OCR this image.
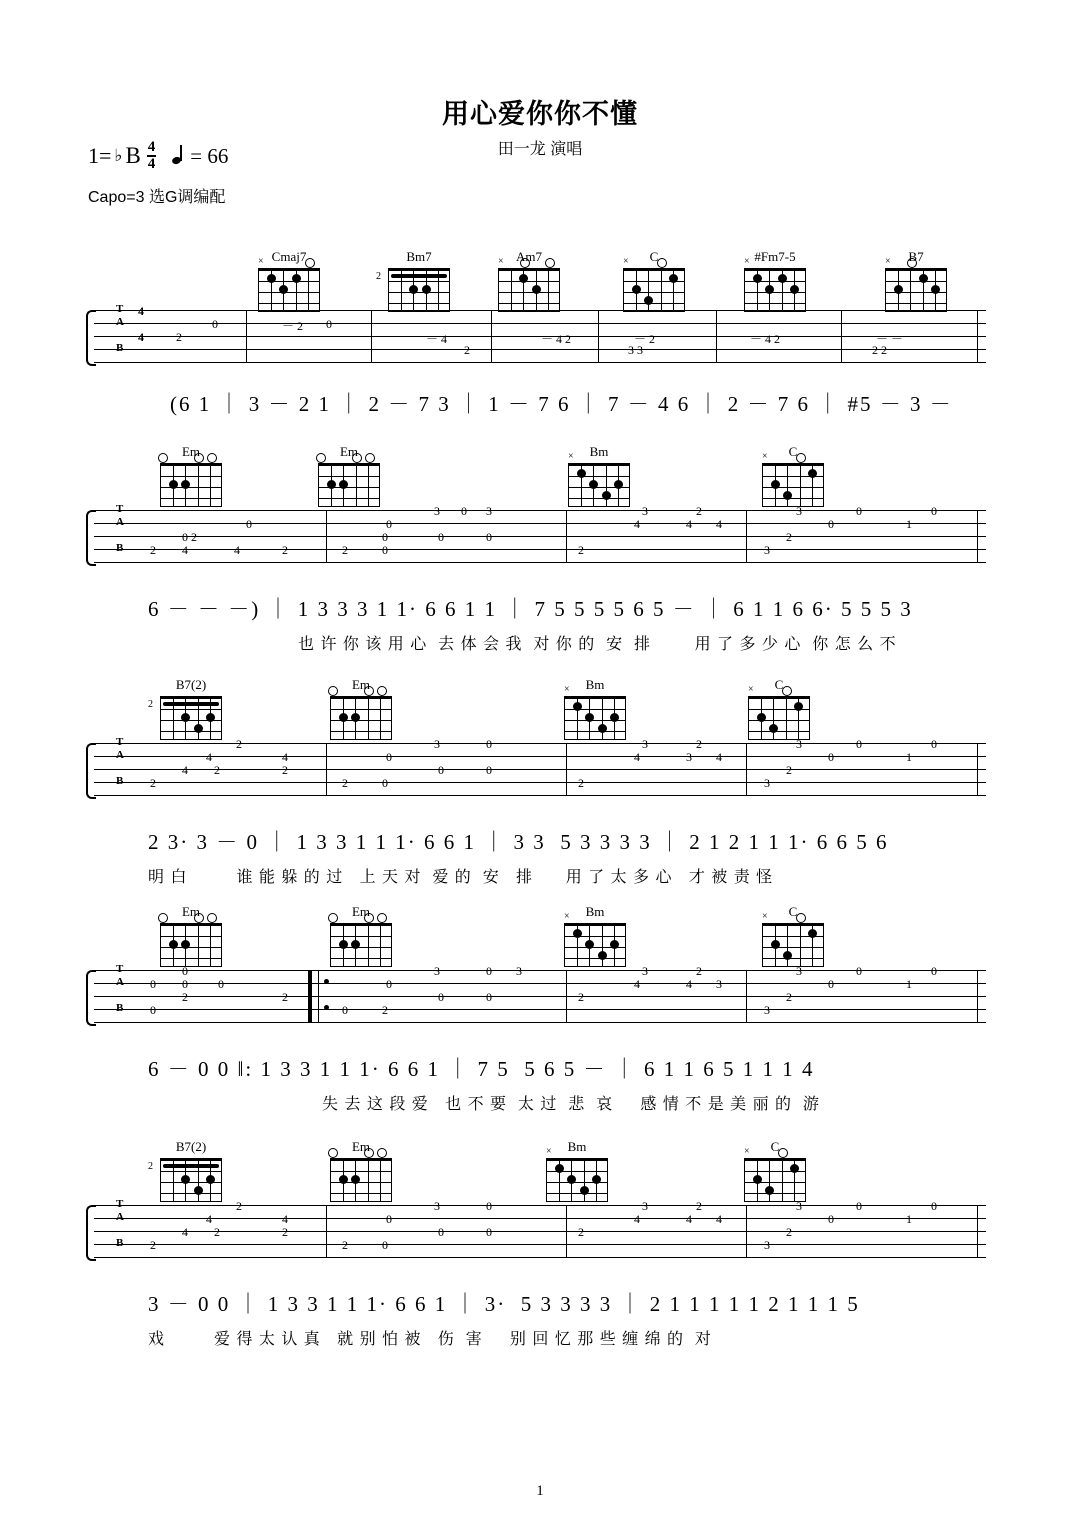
用心爱你你不懂
田一龙 演唱
1= ♭ B $\frac{4}{4} = 66$
Capo=3 选G调编配
Cmaj7
×	Bm7
2
Am7
×	C
×	#Fm7-5
×	B7
×
T
A
B
4
4	2
0	－ 2 0
－ 4
2
－ 4 2	－ 2
3 3
－ 4 2	－ －
2 2
(6 1 ｜ 3 － 2 1 ｜ 2 － 7 3 ｜ 1 － 7 6 ｜ 7 － 4 6 ｜ 2 － 7 6 ｜ #5 － 3 －
Em	Em	Bm
×	C
×
T
A
B 2
0 2
4
0
4	2	2
0
0
0
3 0 3
0	0
3	2
4	4 4
2
3	0	0
0	1
2
3
6 － － －) ｜ 1 3 3 3 1 1· 6 6 1 1 ｜ 7 5 5 5 5 6 5 － ｜ 6 1 1 6 6· 5 5 5 3
也 许 你 该 用 心  去 体 会 我  对 你 的  安  排        用 了 多 少 心  你 怎 么 不
B7(2)
2
Em	Bm
×	C
×
T
A
B
4
2
2	2
4
2
4
2	0
0
3	0
0	0
3	2
4	3 4
2
3	0	0
0	1
2
3
2 3· 3 － 0 ｜ 1 3 3 1 1 1· 6 6 1 ｜ 3 3  5 3 3 3 3 ｜ 2 1 2 1 1 1· 6 6 5 6
明 白         谁 能 躲 的 过   上 天 对  爱 的  安   排      用 了 太 多 心   才 被 责 怪
Em	Em	Bm
×	C
×
T
A
B
0 0
0
0
2	2
0	0	2
0
3	0 3
0	0
3	2
4	4 3
2
3	0	0
0	1
2
3
6 － 0 0 ‖: 1 3 3 1 1 1· 6 6 1 ｜ 7 5  5 6 5 － ｜ 6 1 1 6 5 1 1 1 4
失 去 这 段 爱   也 不 要  太 过  悲  哀     感 情 不 是 美 丽 的  游
B7(2)
2
Em	Bm
×	C
×
T
A
B
4
2
2	2
4
4
2	2	0
0
3	0
0	0
3	2
4	4 4
2
3	0	0
0	1
2
3
3 － 0 0 ｜ 1 3 3 1 1 1· 6 6 1 ｜ 3·  5 3 3 3 3 ｜ 2 1 1 1 1 1 2 1 1 1 5
戏         爱 得 太 认 真   就 别 怕 被   伤  害     别 回 忆 那 些 缠 绵 的  对
1
